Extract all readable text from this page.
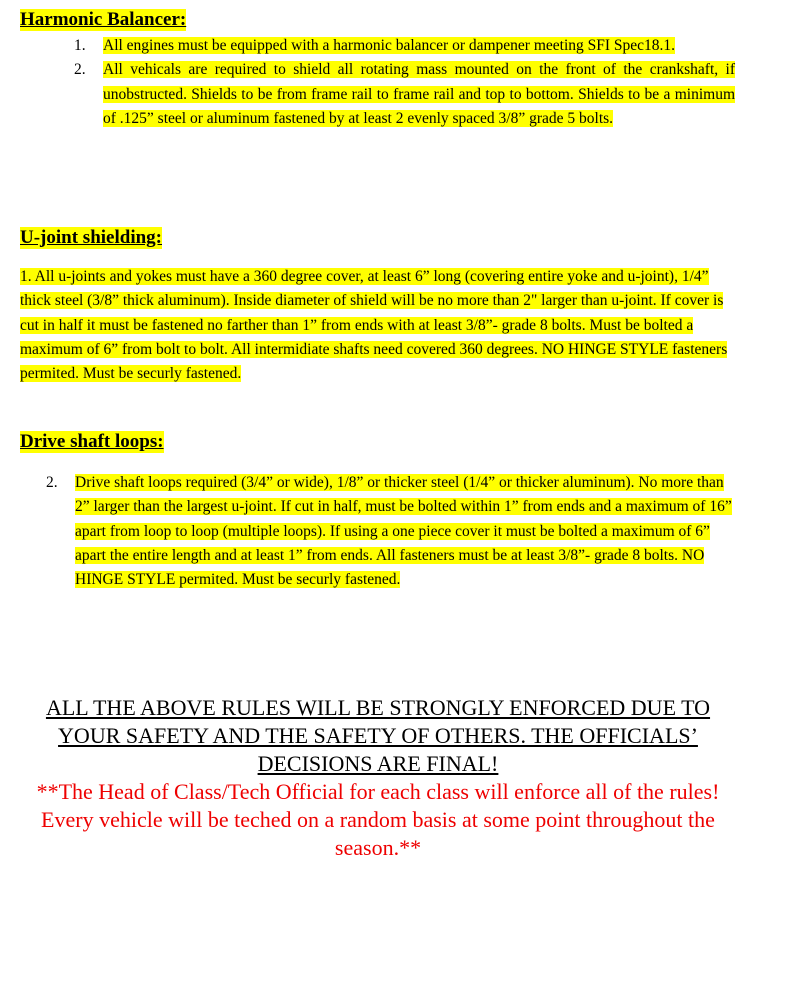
Harmonic Balancer:
1. All engines must be equipped with a harmonic balancer or dampener meeting SFI Spec18.1.
2. All vehicals are required to shield all rotating mass mounted on the front of the crankshaft, if unobstructed. Shields to be from frame rail to frame rail and top to bottom. Shields to be a minimum of .125” steel or aluminum fastened by at least 2 evenly spaced 3/8” grade 5 bolts.
U-joint shielding:

1. All u-joints and yokes must have a 360 degree cover, at least 6” long (covering entire yoke and u-joint), 1/4” thick steel (3/8” thick aluminum). Inside diameter of shield will be no more than 2" larger than u-joint. If cover is cut in half it must be fastened no farther than 1” from ends with at least 3/8”- grade 8 bolts. Must be bolted a maximum of 6” from bolt to bolt. All intermidiate shafts need covered 360 degrees. NO HINGE STYLE fasteners permited. Must be securly fastened.

Drive shaft loops:
2. Drive shaft loops required (3/4” or wide), 1/8” or thicker steel (1/4” or thicker aluminum). No more than 2” larger than the largest u-joint. If cut in half, must be bolted within 1” from ends and a maximum of 16” apart from loop to loop (multiple loops). If using a one piece cover it must be bolted a maximum of 6” apart the entire length and at least 1” from ends. All fasteners must be at least 3/8”- grade 8 bolts. NO HINGE STYLE permited. Must be securly fastened.
ALL THE ABOVE RULES WILL BE STRONGLY ENFORCED DUE TO YOUR SAFETY AND THE SAFETY OF OTHERS. THE OFFICIALS’ DECISIONS ARE FINAL!
**The Head of Class/Tech Official for each class will enforce all of the rules! Every vehicle will be teched on a random basis at some point throughout the season.**
